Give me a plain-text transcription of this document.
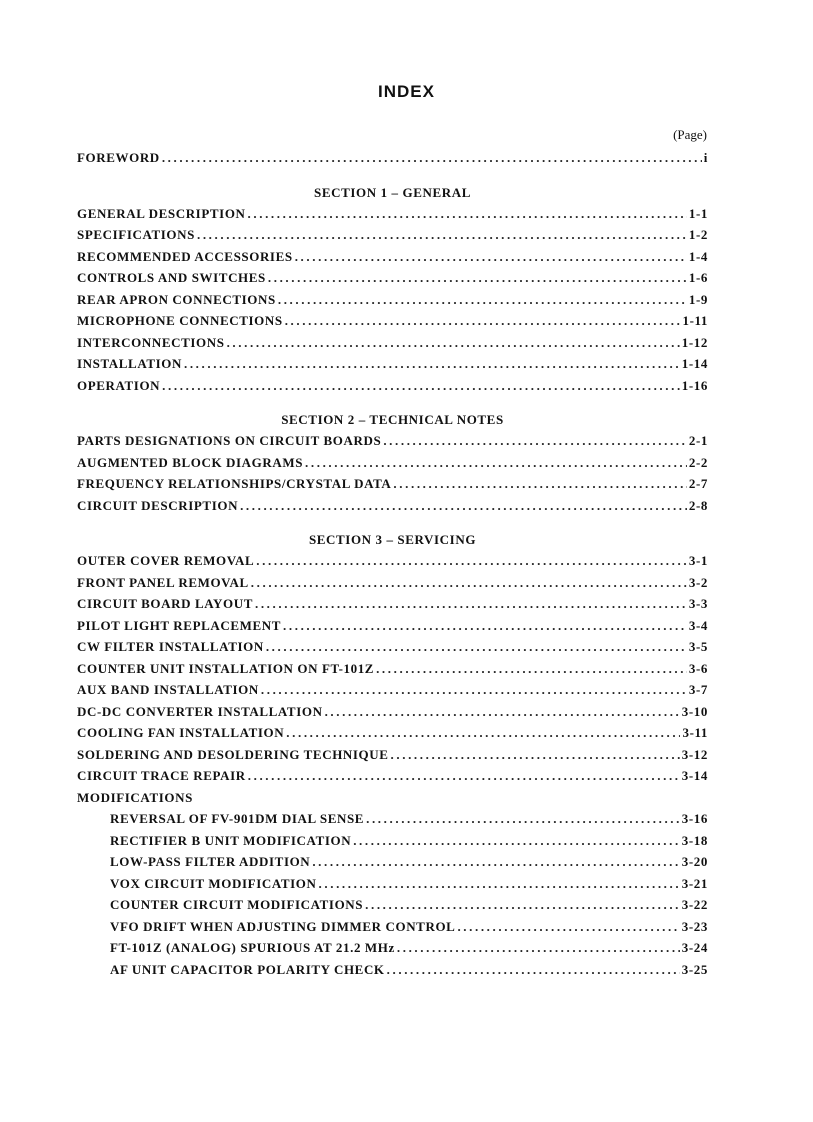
INDEX
(Page)
FOREWORD .....	i
SECTION 1 – GENERAL
GENERAL DESCRIPTION .....	1-1
SPECIFICATIONS .....	1-2
RECOMMENDED ACCESSORIES .....	1-4
CONTROLS AND SWITCHES .....	1-6
REAR APRON CONNECTIONS .....	1-9
MICROPHONE CONNECTIONS .....	1-11
INTERCONNECTIONS .....	1-12
INSTALLATION .....	1-14
OPERATION .....	1-16
SECTION 2 – TECHNICAL NOTES
PARTS DESIGNATIONS ON CIRCUIT BOARDS .....	2-1
AUGMENTED BLOCK DIAGRAMS .....	2-2
FREQUENCY RELATIONSHIPS/CRYSTAL DATA .....	2-7
CIRCUIT DESCRIPTION .....	2-8
SECTION 3 – SERVICING
OUTER COVER REMOVAL .....	3-1
FRONT PANEL REMOVAL .....	3-2
CIRCUIT BOARD LAYOUT .....	3-3
PILOT LIGHT REPLACEMENT .....	3-4
CW FILTER INSTALLATION .....	3-5
COUNTER UNIT INSTALLATION ON FT-101Z .....	3-6
AUX BAND INSTALLATION .....	3-7
DC-DC CONVERTER INSTALLATION .....	3-10
COOLING FAN INSTALLATION .....	3-11
SOLDERING AND DESOLDERING TECHNIQUE .....	3-12
CIRCUIT TRACE REPAIR .....	3-14
MODIFICATIONS
REVERSAL OF FV-901DM DIAL SENSE .....	3-16
RECTIFIER B UNIT MODIFICATION .....	3-18
LOW-PASS FILTER ADDITION .....	3-20
VOX CIRCUIT MODIFICATION .....	3-21
COUNTER CIRCUIT MODIFICATIONS .....	3-22
VFO DRIFT WHEN ADJUSTING DIMMER CONTROL .....	3-23
FT-101Z (ANALOG) SPURIOUS AT 21.2 MHz .....	3-24
AF UNIT CAPACITOR POLARITY CHECK .....	3-25
